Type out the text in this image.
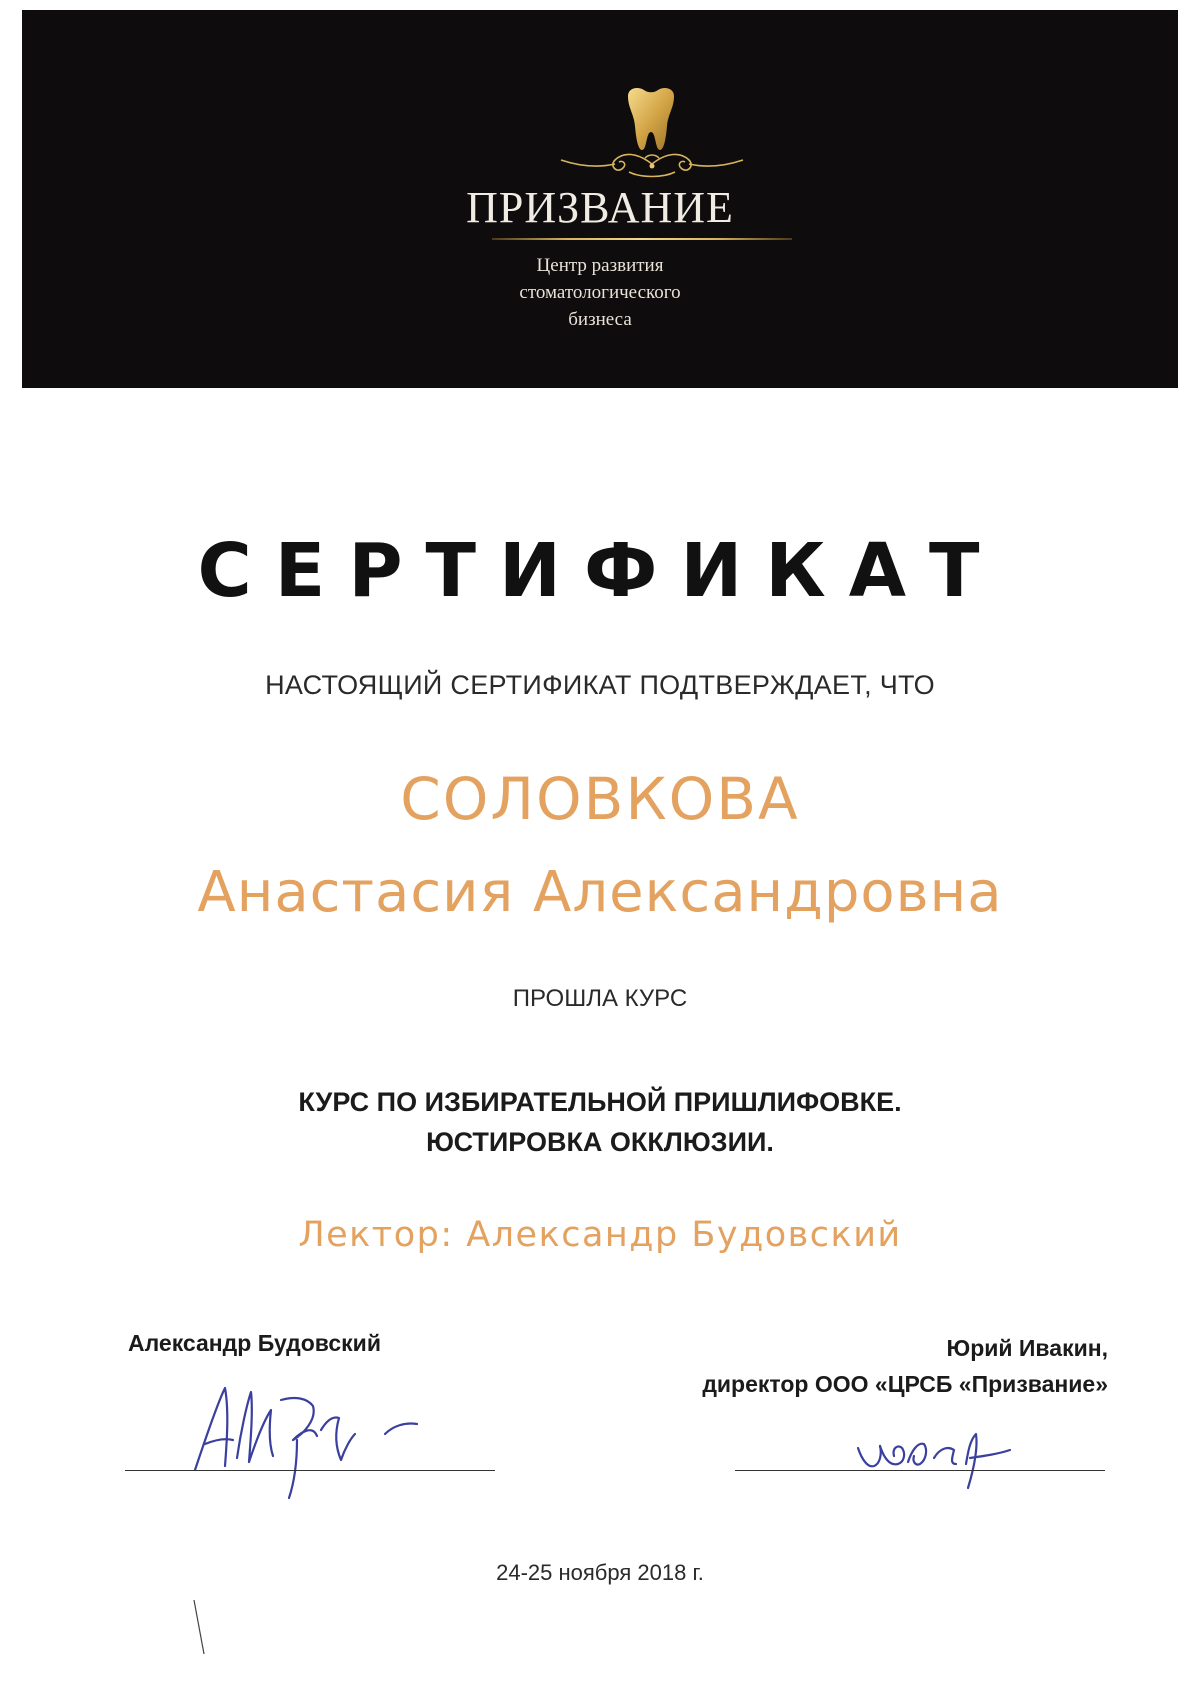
ПРИЗВАНИЕ
Центр развития
стоматологического
бизнеса
СЕРТИФИКАТ
НАСТОЯЩИЙ СЕРТИФИКАТ ПОДТВЕРЖДАЕТ, ЧТО
СОЛОВКОВА
Анастасия Александровна
ПРОШЛА КУРС
КУРС ПО ИЗБИРАТЕЛЬНОЙ ПРИШЛИФОВКЕ.
ЮСТИРОВКА ОККЛЮЗИИ.
Лектор: Александр Будовский
Александр Будовский	Юрий Ивакин,
директор ООО «ЦРСБ «Призвание»
24-25 ноября 2018 г.
